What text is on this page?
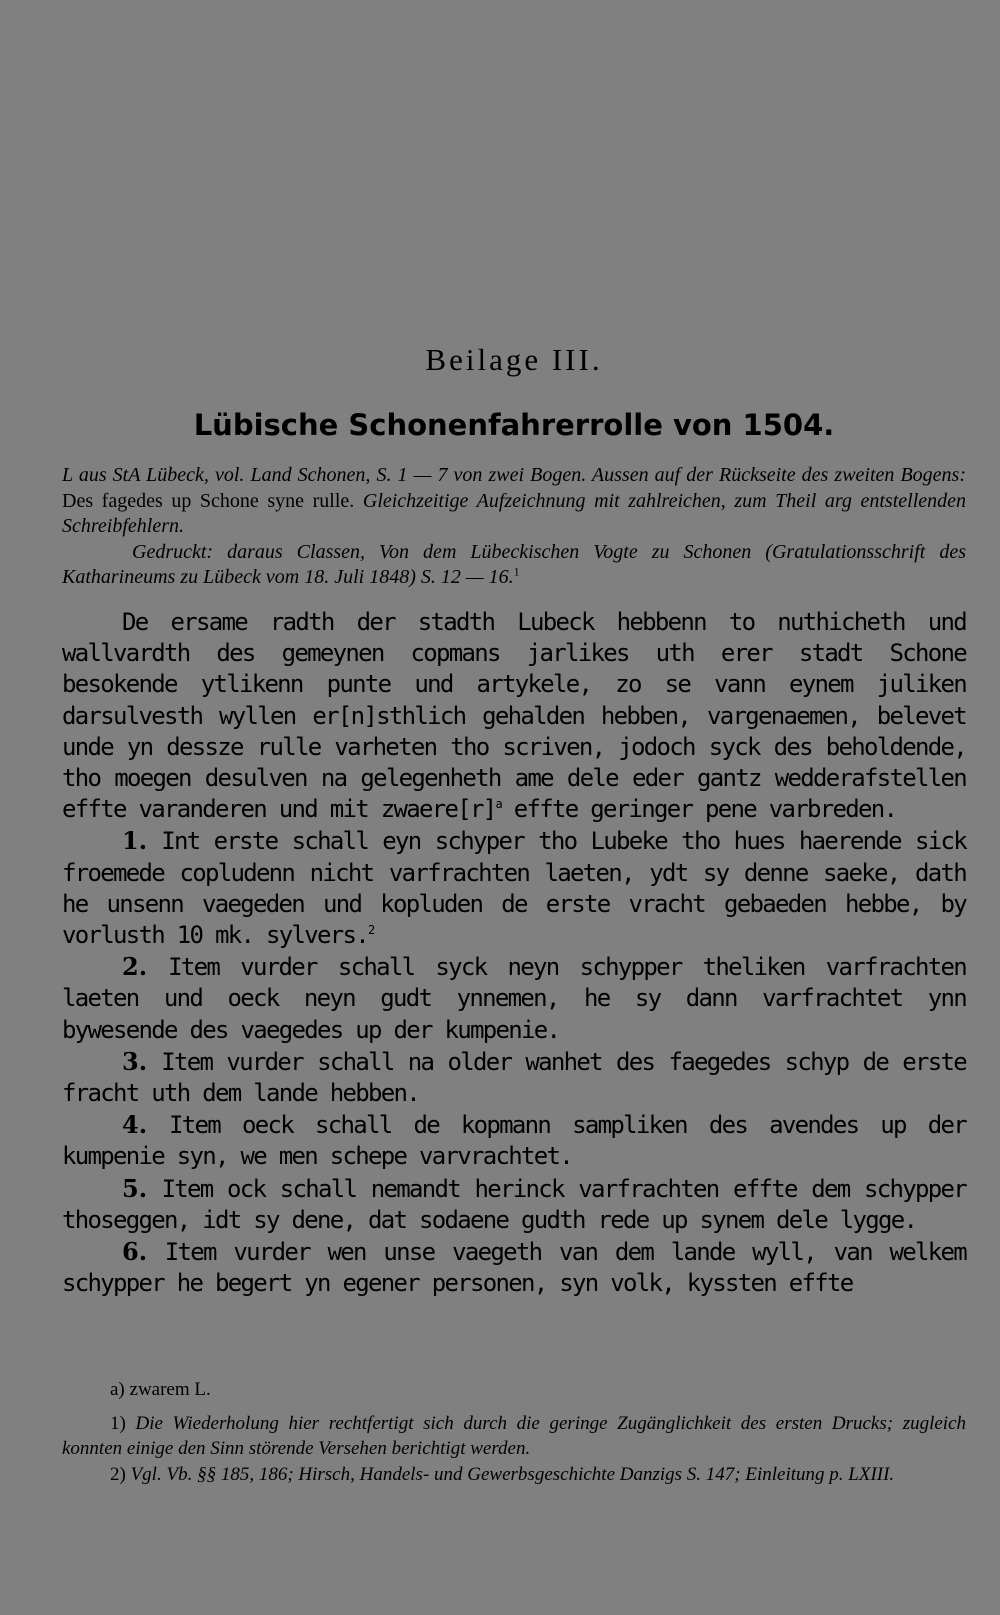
Beilage III.
Lübische Schonenfahrerrolle von 1504.

L aus StA Lübeck, vol. Land Schonen, S. 1 — 7 von zwei Bogen. Aussen auf der Rückseite des zweiten Bogens: Des fagedes up Schone syne rulle. Gleichzeitige Aufzeichnung mit zahlreichen, zum Theil arg entstellenden Schreibfehlern.

Gedruckt: daraus Classen, Von dem Lübeckischen Vogte zu Schonen (Gratulationsschrift des Katharineums zu Lübeck vom 18. Juli 1848) S. 12 — 16.$^1$

De ersame radth der stadth Lubeck hebbenn to nuthicheth und wallvardth des gemeynen copmans jarlikes uth erer stadt Schone besokende ytlikenn punte und artykele, zo se vann eynem juliken darsulvesth wyllen er[n]sthlich gehalden hebben, vargenaemen, belevet unde yn dessze rulle varheten tho scriven, jodoch syck des beholdende, tho moegen desulven na gelegenheth ame dele eder gantz wedderafstellen effte varanderen und mit $zwaere[r]^a$ effte geringer pene varbreden.

1. Int erste schall eyn schyper tho Lubeke tho hues haerende sick froemede copludenn nicht varfrachten laeten, ydt sy denne saeke, dath he unsenn vaegeden und kopluden de erste vracht gebaeden hebbe, by vorlusth 10 mk. sylvers.$^2$

2. Item vurder schall syck neyn schypper theliken varfrachten laeten und oeck neyn gudt ynnemen, he sy dann varfrachtet ynn bywesende des vaegedes up der kumpenie.

3. Item vurder schall na older wanhet des faegedes schyp de erste fracht uth dem lande hebben.

4. Item oeck schall de kopmann sampliken des avendes up der kumpenie syn, we men schepe varvrachtet.

5. Item ock schall nemandt herinck varfrachten effte dem schypper thoseggen, idt sy dene, dat sodaene gudth rede up synem dele lygge.

6. Item vurder wen unse vaegeth van dem lande wyll, van welkem schypper he begert yn egener personen, syn volk, kyssten effte

a) zwarem L.

1) Die Wiederholung hier rechtfertigt sich durch die geringe Zugänglichkeit des ersten Drucks; zugleich konnten einige den Sinn störende Versehen berichtigt werden.

2) Vgl. Vb. §§ 185, 186; Hirsch, Handels- und Gewerbsgeschichte Danzigs S. 147; Einleitung p. LXIII.
